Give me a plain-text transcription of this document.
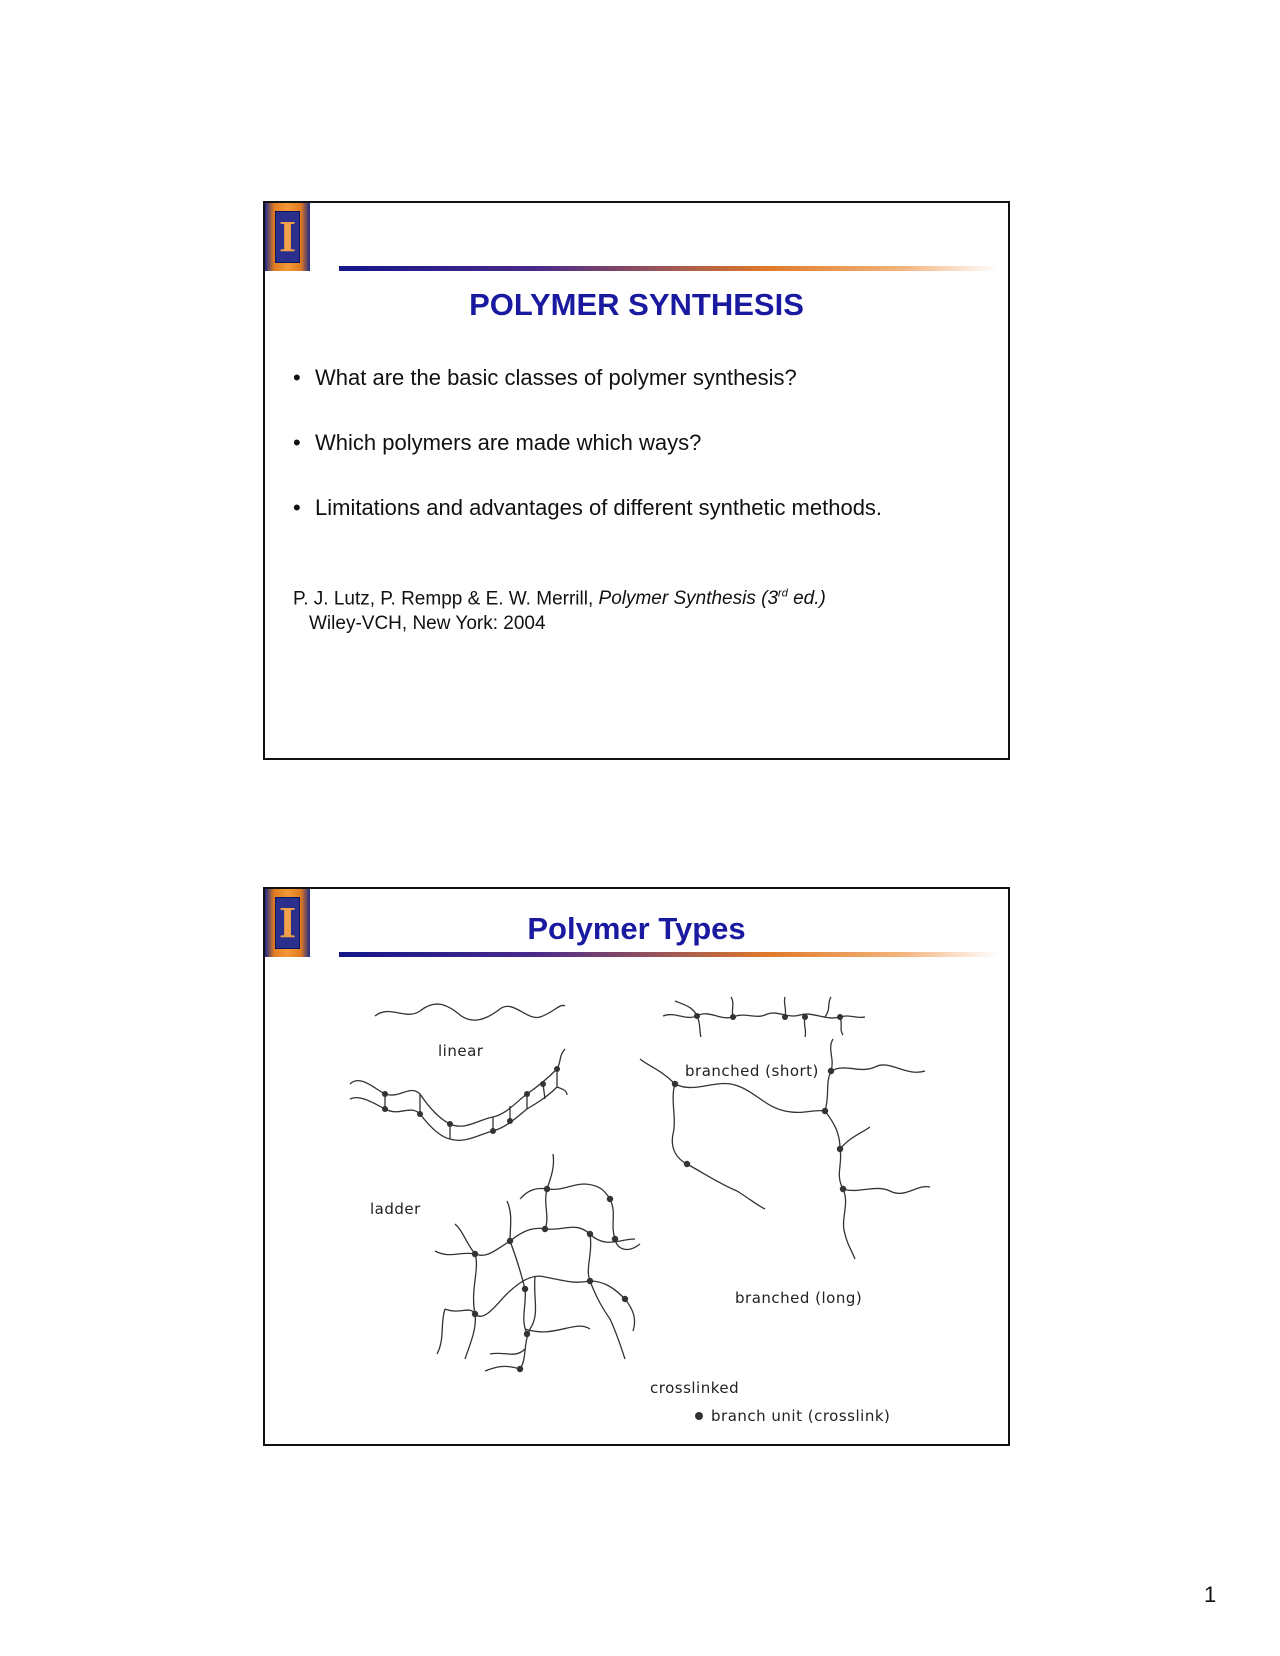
I
POLYMER SYNTHESIS
• What are the basic classes of polymer synthesis?
• Which polymers are made which ways?
• Limitations and advantages of different synthetic methods.
P. J. Lutz, P. Rempp & E. W. Merrill, Polymer Synthesis (3rd ed.)
Wiley-VCH, New York: 2004
I	Polymer Types
linear
branched (short)
ladder
branched (long)
crosslinked
branch unit (crosslink)
1
